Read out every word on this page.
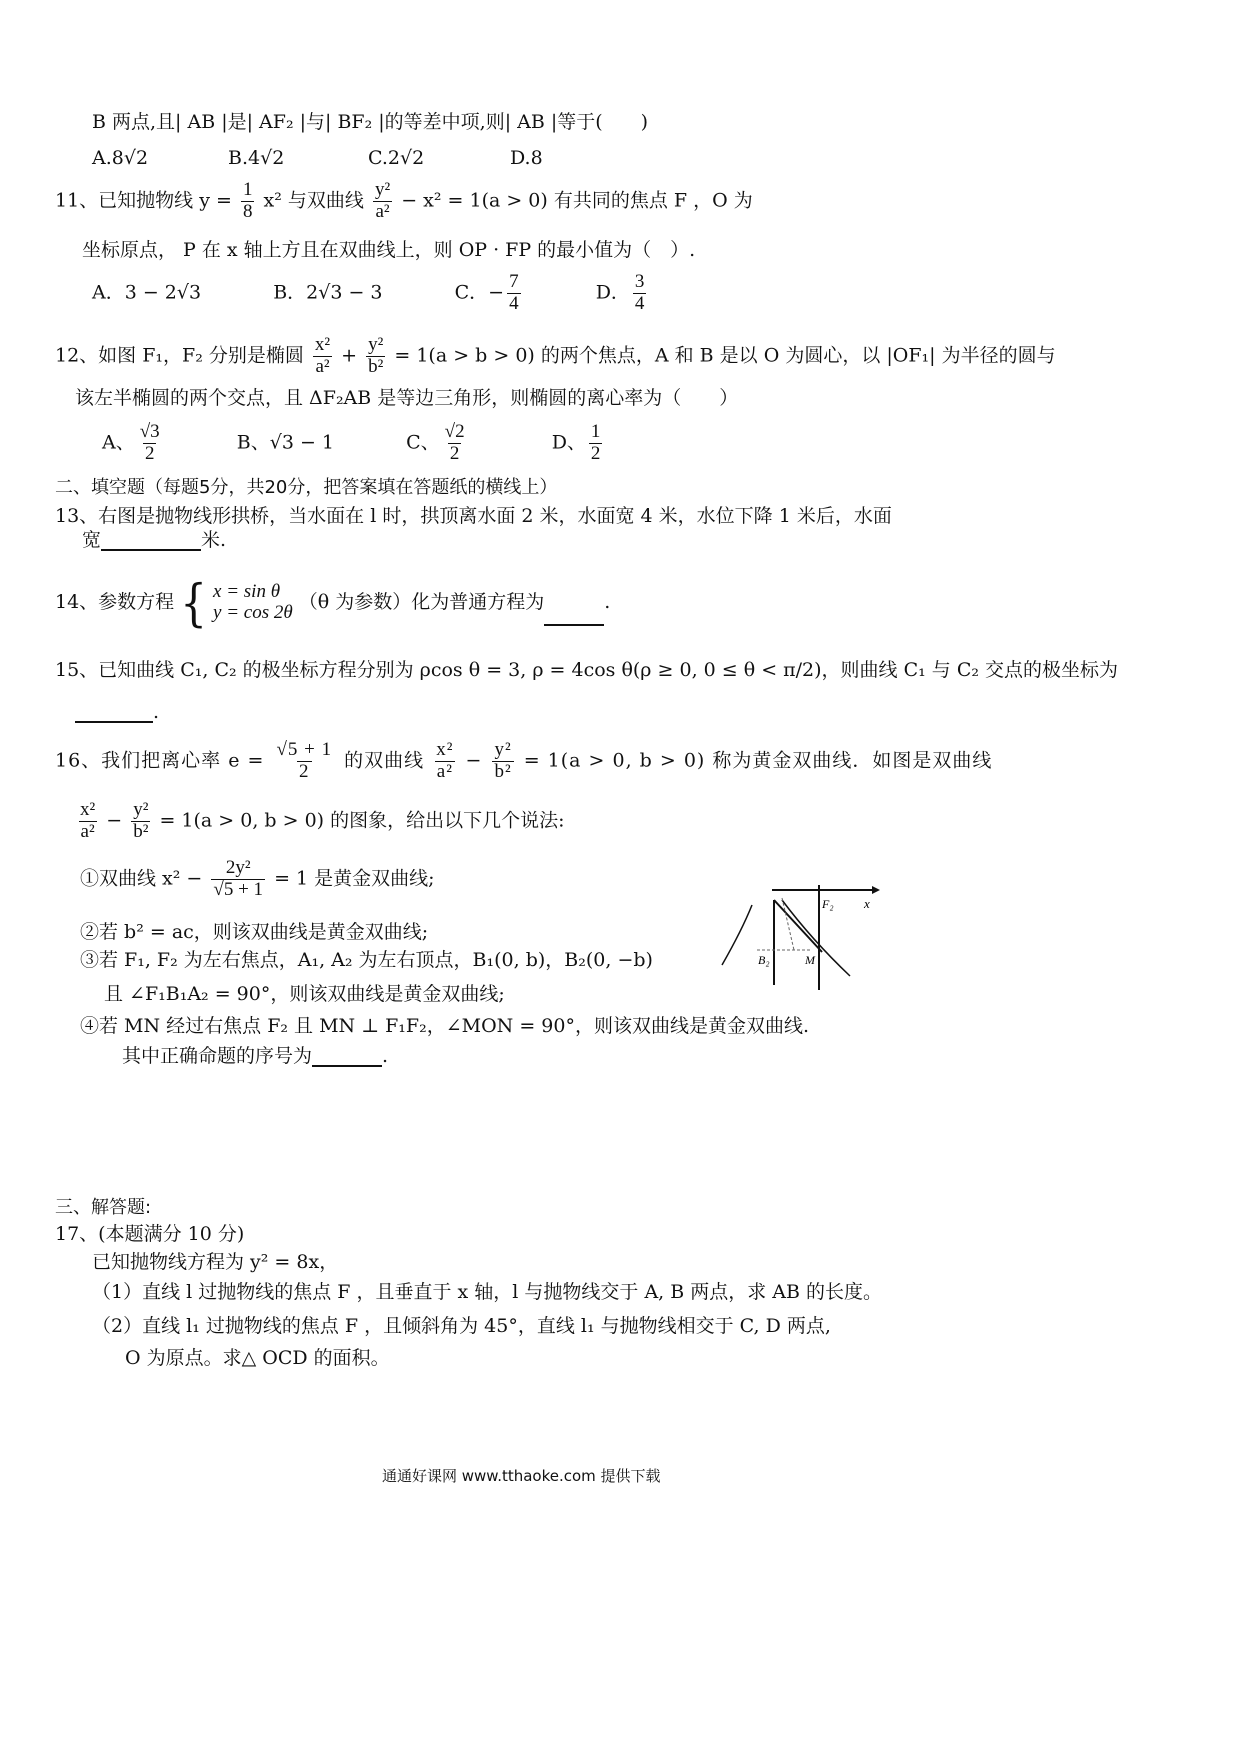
B 两点,且| AB |是| AF₂ |与| BF₂ |的等差中项,则| AB |等于(　　)
A.8√2	B.4√2	C.2√2	D.8
11、已知抛物线 $y = \frac{1}{8} x^2$ 与双曲线 $\frac{\text{y²}}{\text{a²}} - x^2 = 1(a > 0)$ 有共同的焦点 F ，O 为
坐标原点， P 在 x 轴上方且在双曲线上，则 OP · FP 的最小值为（　）.
A．3 − 2√3	B．2√3 − 3	C．− $\frac{7}{4}$	D． $\frac{3}{4}$
12、如图 F₁，F₂ 分别是椭圆 $\frac{\text{x²}}{\text{a²}} + \frac{\text{y²}}{\text{b²}} = 1(a > b > 0)$ 的两个焦点，A 和 B 是以 O 为圆心，以 |OF₁| 为半径的圆与
该左半椭圆的两个交点，且 ΔF₂AB 是等边三角形，则椭圆的离心率为（　　）
A、 $\frac{√3}{2}$	B、√3 − 1	C、 $\frac{√2}{2}$	D、 $\frac{1}{2}$
二、填空题（每题5分，共20分，把答案填在答题纸的横线上）
13、右图是抛物线形拱桥，当水面在 l 时，拱顶离水面 2 米，水面宽 4 米，水位下降 1 米后，水面
宽	米.
14、参数方程 { x = sin θ
y = cos 2θ （θ 为参数）化为普通方程为	.
15、已知曲线 C₁, C₂ 的极坐标方程分别为 ρcos θ = 3, ρ = 4cos θ(ρ ≥ 0, 0 ≤ θ < π/2)，则曲线 C₁ 与 C₂ 交点的极坐标为
.
16、我们把离心率 $e = \frac{√5 + 1}{2}$ 的双曲线 $\frac{\text{x²}}{\text{a²}} - \frac{\text{y²}}{\text{b²}} = 1(a > 0$, b > 0) 称为黄金双曲线．如图是双曲线
$\frac{\text{x²}}{\text{a²}} - \frac{\text{y²}}{\text{b²}} = 1(a > 0$, b > 0) 的图象，给出以下几个说法:
①双曲线 $x^2 - \frac{\text{2y²}}{√5 + 1} = 1$ 是黄金双曲线;
②若 b² = ac，则该双曲线是黄金双曲线;
③若 F₁, F₂ 为左右焦点，A₁, A₂ 为左右顶点，B₁(0, b)，B₂(0, −b)
且 ∠F₁B₁A₂ = 90°，则该双曲线是黄金双曲线;
④若 MN 经过右焦点 F₂ 且 MN ⊥ F₁F₂，∠MON = 90°，则该双曲线是黄金双曲线.
其中正确命题的序号为	.
F₂ x
B₂	M
三、解答题:
17、(本题满分 10 分)
已知抛物线方程为 y² = 8x，
（1）直线 l 过抛物线的焦点 F ，且垂直于 x 轴，l 与抛物线交于 A, B 两点，求 AB 的长度。
（2）直线 l₁ 过抛物线的焦点 F ，且倾斜角为 45°，直线 l₁ 与抛物线相交于 C, D 两点,
O 为原点。求△ OCD 的面积。
通通好课网 www.tthaoke.com 提供下载
